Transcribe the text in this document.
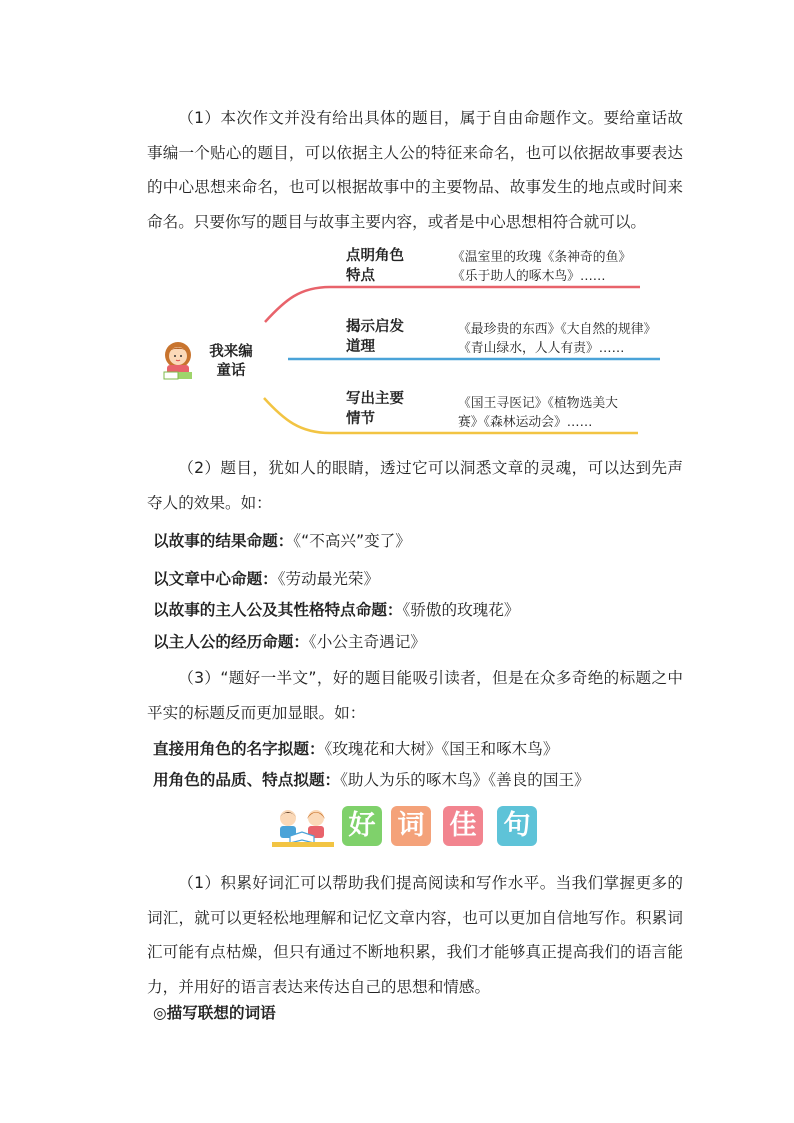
（1）本次作文并没有给出具体的题目，属于自由命题作文。要给童话故事编一个贴心的题目，可以依据主人公的特征来命名，也可以依据故事要表达的中心思想来命名，也可以根据故事中的主要物品、故事发生的地点或时间来命名。只要你写的题目与故事主要内容，或者是中心思想相符合就可以。

我来编童话
点明角色特点
《温室里的玫瑰《条神奇的鱼》《乐于助人的啄木鸟》……
揭示启发道理
《最珍贵的东西》《大自然的规律》《青山绿水，人人有责》……
写出主要情节
《国王寻医记》《植物选美大赛》《森林运动会》……

（2）题目，犹如人的眼睛，透过它可以洞悉文章的灵魂，可以达到先声夺人的效果。如：

以故事的结果命题：《“不高兴”变了》
以文章中心命题：《劳动最光荣》
以故事的主人公及其性格特点命题：《骄傲的玫瑰花》
以主人公的经历命题：《小公主奇遇记》

（3）“题好一半文”，好的题目能吸引读者，但是在众多奇绝的标题之中平实的标题反而更加显眼。如：

直接用角色的名字拟题：《玫瑰花和大树》《国王和啄木鸟》
用角色的品质、特点拟题：《助人为乐的啄木鸟》《善良的国王》
好 词 佳 句

（1）积累好词汇可以帮助我们提高阅读和写作水平。当我们掌握更多的词汇，就可以更轻松地理解和记忆文章内容，也可以更加自信地写作。积累词汇可能有点枯燥，但只有通过不断地积累，我们才能够真正提高我们的语言能力，并用好的语言表达来传达自己的思想和情感。

◎描写联想的词语
